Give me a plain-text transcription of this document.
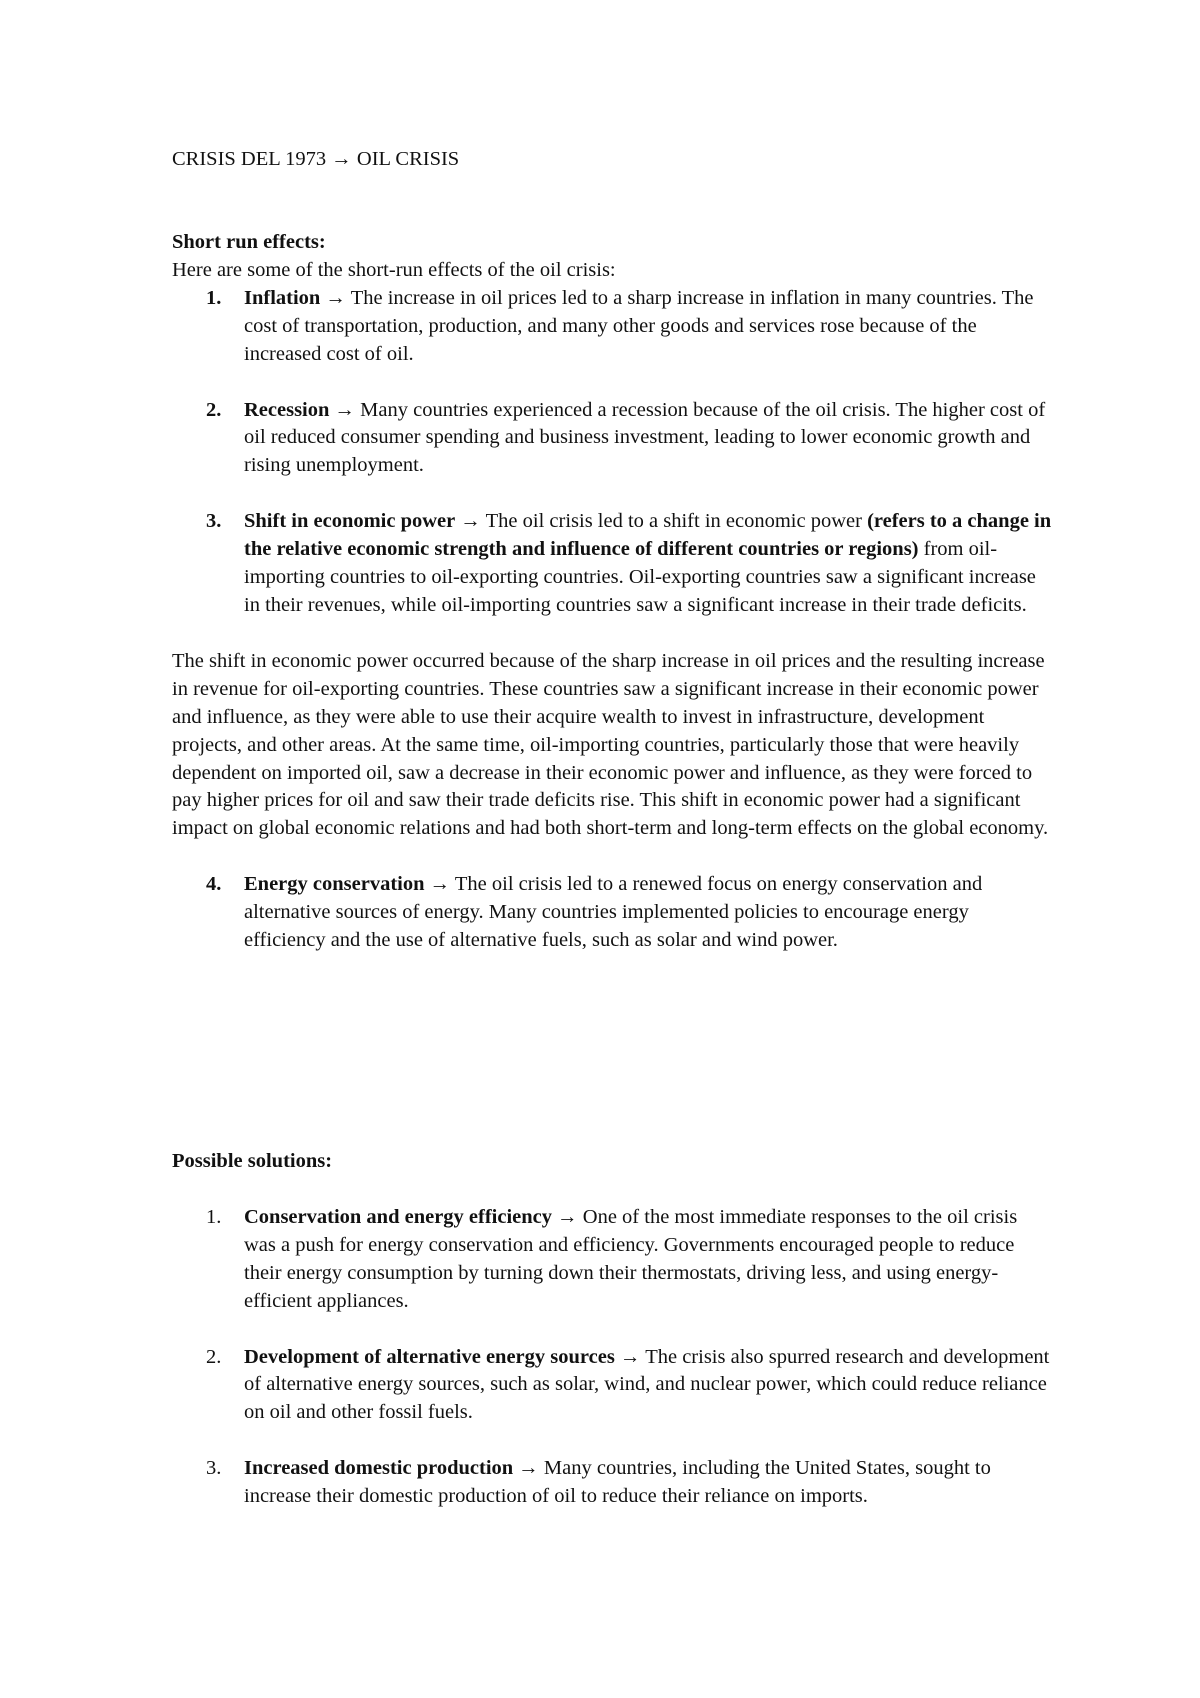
CRISIS DEL 1973 → OIL CRISIS

Short run effects:

Here are some of the short-run effects of the oil crisis:

1. Inflation → The increase in oil prices led to a sharp increase in inflation in many countries. The cost of transportation, production, and many other goods and services rose because of the increased cost of oil.
2. Recession → Many countries experienced a recession because of the oil crisis. The higher cost of oil reduced consumer spending and business investment, leading to lower economic growth and rising unemployment.
3. Shift in economic power → The oil crisis led to a shift in economic power (refers to a change in the relative economic strength and influence of different countries or regions) from oil-importing countries to oil-exporting countries. Oil-exporting countries saw a significant increase in their revenues, while oil-importing countries saw a significant increase in their trade deficits.

The shift in economic power occurred because of the sharp increase in oil prices and the resulting increase in revenue for oil-exporting countries. These countries saw a significant increase in their economic power and influence, as they were able to use their acquire wealth to invest in infrastructure, development projects, and other areas. At the same time, oil-importing countries, particularly those that were heavily dependent on imported oil, saw a decrease in their economic power and influence, as they were forced to pay higher prices for oil and saw their trade deficits rise. This shift in economic power had a significant impact on global economic relations and had both short-term and long-term effects on the global economy.

4. Energy conservation → The oil crisis led to a renewed focus on energy conservation and alternative sources of energy. Many countries implemented policies to encourage energy efficiency and the use of alternative fuels, such as solar and wind power.

Possible solutions:

1. Conservation and energy efficiency → One of the most immediate responses to the oil crisis was a push for energy conservation and efficiency. Governments encouraged people to reduce their energy consumption by turning down their thermostats, driving less, and using energy-efficient appliances.
2. Development of alternative energy sources → The crisis also spurred research and development of alternative energy sources, such as solar, wind, and nuclear power, which could reduce reliance on oil and other fossil fuels.
3. Increased domestic production → Many countries, including the United States, sought to increase their domestic production of oil to reduce their reliance on imports.
